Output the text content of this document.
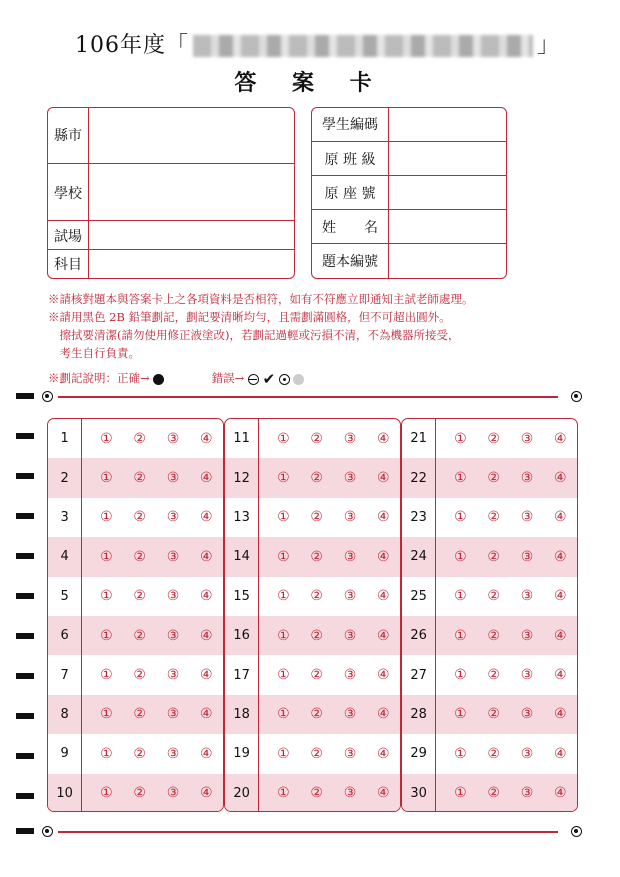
106年度「	」
答 案 卡
縣市
學校
試場
科目
學生編碼
原 班 級
原 座 號
姓　　名
題本編號
※請核對題本與答案卡上之各項資料是否相符，如有不符應立即通知主試老師處理。
※請用黑色 2B 鉛筆劃記，劃記要清晰均勻，且需劃滿圓格，但不可超出圓外。
　擦拭要清潔(請勿使用修正液塗改)，若劃記過輕或污損不清，不為機器所接受，
　考生自行負責。
※劃記說明：正確→	錯誤→ ✔

1	①	②	③	④
2	①	②	③	④
3	①	②	③	④
4	①	②	③	④
5	①	②	③	④
6	①	②	③	④
7	①	②	③	④
8	①	②	③	④
9	①	②	③	④
10	①	②	③	④
11	①	②	③	④
12	①	②	③	④
13	①	②	③	④
14	①	②	③	④
15	①	②	③	④
16	①	②	③	④
17	①	②	③	④
18	①	②	③	④
19	①	②	③	④
20	①	②	③	④
21	①	②	③	④
22	①	②	③	④
23	①	②	③	④
24	①	②	③	④
25	①	②	③	④
26	①	②	③	④
27	①	②	③	④
28	①	②	③	④
29	①	②	③	④
30	①	②	③	④
